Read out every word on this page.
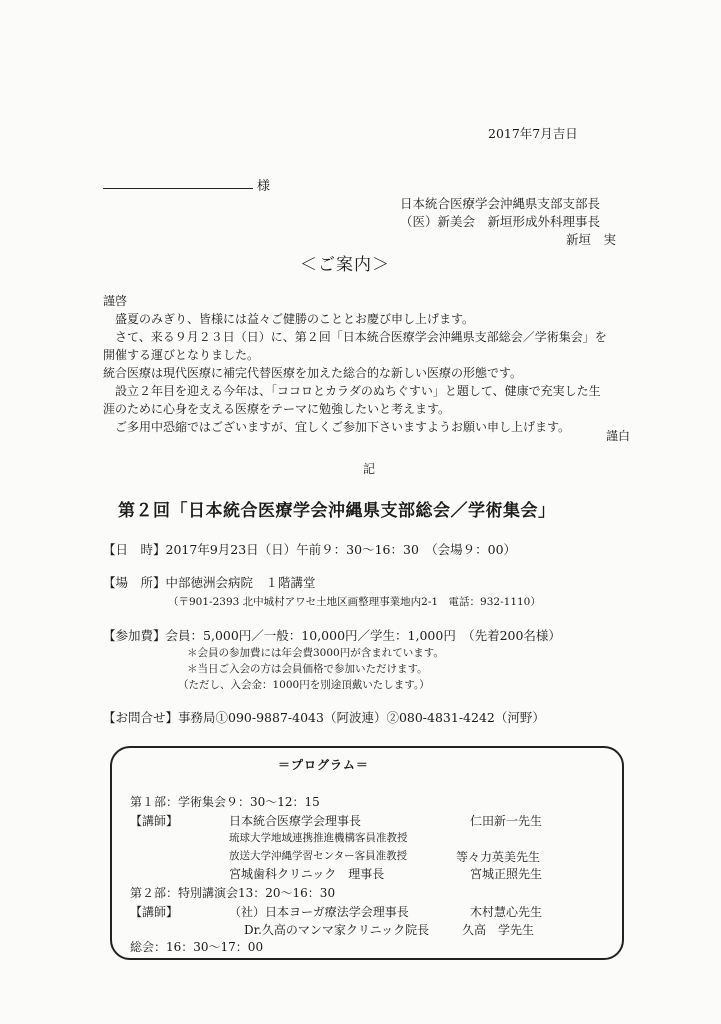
2017年7月吉日
様
日本統合医療学会沖縄県支部支部長
（医）新美会　新垣形成外科理事長
新垣　実
＜ご案内＞
謹啓
　盛夏のみぎり、皆様には益々ご健勝のこととお慶び申し上げます。
　さて、来る９月２３日（日）に、第２回「日本統合医療学会沖縄県支部総会／学術集会」を
開催する運びとなりました。
統合医療は現代医療に補完代替医療を加えた総合的な新しい医療の形態です。
　設立２年目を迎える今年は、「ココロとカラダのぬちぐすい」と題して、健康で充実した生
涯のために心身を支える医療をテーマに勉強したいと考えます。
　ご多用中恐縮ではございますが、宜しくご参加下さいますようお願い申し上げます。
謹白
記
第２回「日本統合医療学会沖縄県支部総会／学術集会」
【日　時】2017年9月23日（日）午前９：30〜16：30　（会場９：00）
【場　所】中部徳洲会病院　１階講堂
（〒901-2393 北中城村アワセ土地区画整理事業地内2-1　電話：932-1110）
【参加費】会員：5,000円／一般：10,000円／学生：1,000円　（先着200名様）
＊会員の参加費には年会費3000円が含まれています。
＊当日ご入会の方は会員価格で参加いただけます。
（ただし、入会金：1000円を別途頂戴いたします。）
【お問合せ】事務局①090-9887-4043（阿波連）②080-4831-4242（河野）
＝プログラム＝
第１部：学術集会９：30〜12：15
【講師】	日本統合医療学会理事長	仁田新一先生
琉球大学地域連携推進機構客員准教授
放送大学沖縄学習センター客員准教授	等々力英美先生
宮城歯科クリニック　理事長	宮城正照先生
第２部：特別講演会13：20〜16：30
【講師】	（社）日本ヨーガ療法学会理事長	木村慧心先生
Dr.久高のマンマ家クリニック院長	久高　学先生
総会：16：30〜17：00
